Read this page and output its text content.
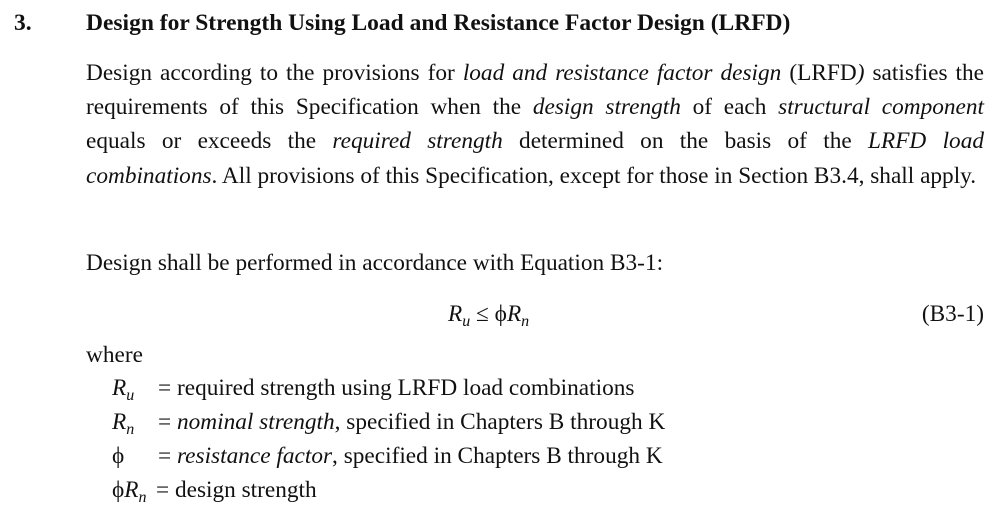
3. Design for Strength Using Load and Resistance Factor Design (LRFD)
Design according to the provisions for load and resistance factor design (LRFD) satisfies the requirements of this Specification when the design strength of each structural component equals or exceeds the required strength determined on the basis of the LRFD load combinations. All provisions of this Specification, except for those in Section B3.4, shall apply.
Design shall be performed in accordance with Equation B3-1:
$R_u \le \phi R_n$	(B3-1)
where
$R_u$ = required strength using LRFD load combinations
$R_n$ = nominal strength, specified in Chapters B through K
ϕ = resistance factor, specified in Chapters B through K
$\phi R_n$ = design strength
